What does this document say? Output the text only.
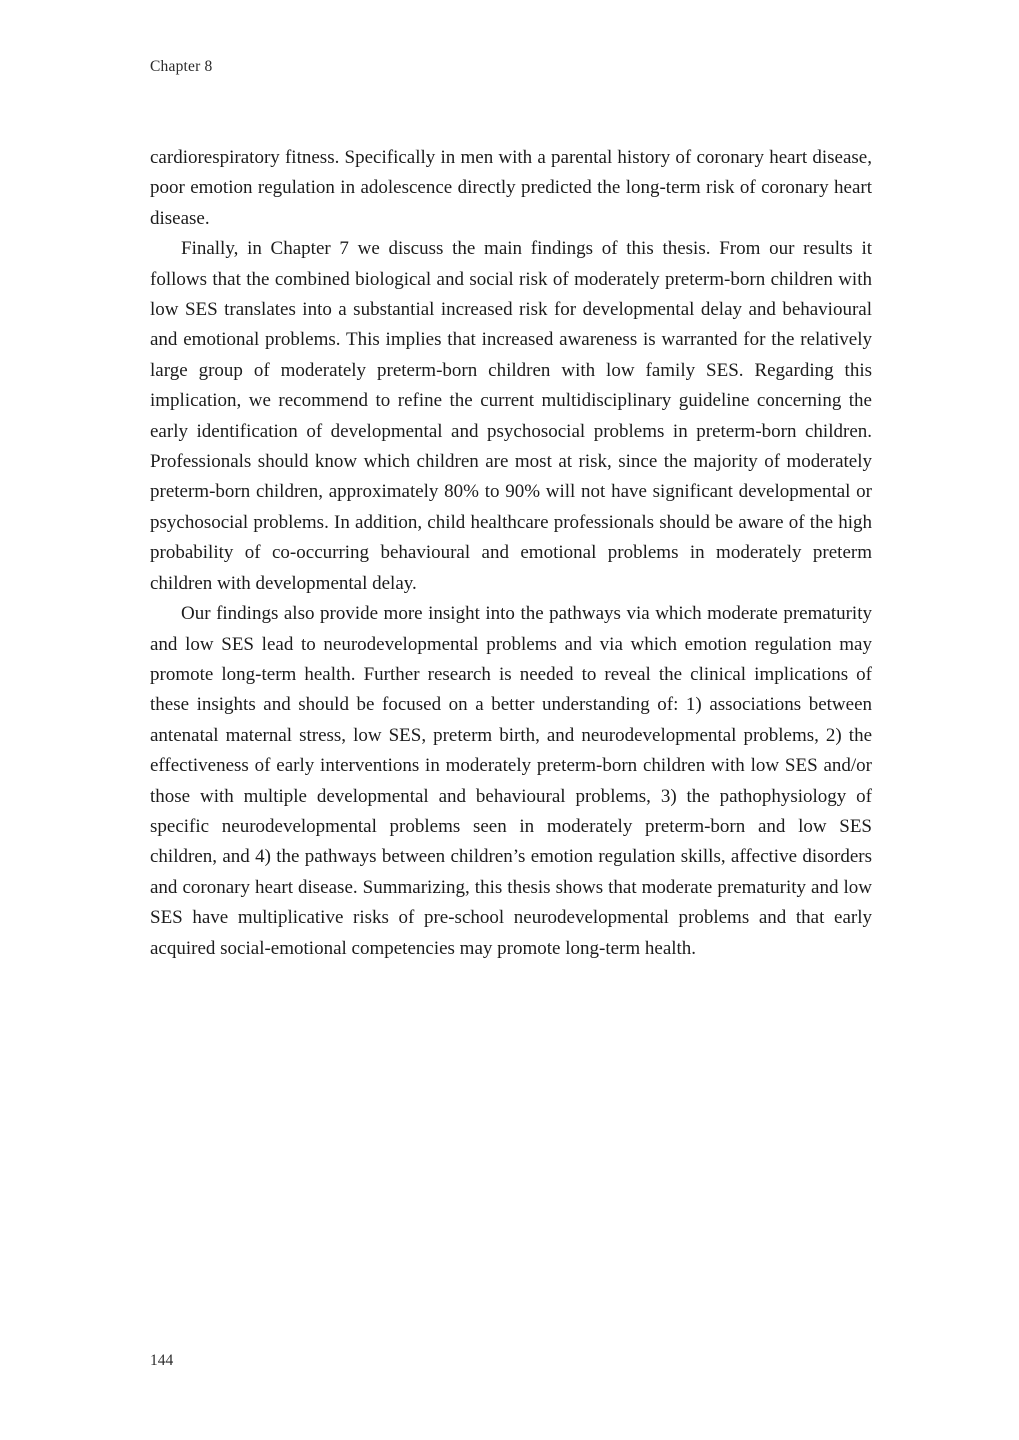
Chapter 8

cardiorespiratory fitness. Specifically in men with a parental history of coronary heart disease, poor emotion regulation in adolescence directly predicted the long-term risk of coronary heart disease.

Finally, in Chapter 7 we discuss the main findings of this thesis. From our results it follows that the combined biological and social risk of moderately preterm-born children with low SES translates into a substantial increased risk for developmental delay and behavioural and emotional problems. This implies that increased awareness is warranted for the relatively large group of moderately preterm-born children with low family SES. Regarding this implication, we recommend to refine the current multidisciplinary guideline concerning the early identification of developmental and psychosocial problems in preterm-born children. Professionals should know which children are most at risk, since the majority of moderately preterm-born children, approximately 80% to 90% will not have significant developmental or psychosocial problems. In addition, child healthcare professionals should be aware of the high probability of co-occurring behavioural and emotional problems in moderately preterm children with developmental delay.

Our findings also provide more insight into the pathways via which moderate prematurity and low SES lead to neurodevelopmental problems and via which emotion regulation may promote long-term health. Further research is needed to reveal the clinical implications of these insights and should be focused on a better understanding of: 1) associations between antenatal maternal stress, low SES, preterm birth, and neurodevelopmental problems, 2) the effectiveness of early interventions in moderately preterm-born children with low SES and/or those with multiple developmental and behavioural problems, 3) the pathophysiology of specific neurodevelopmental problems seen in moderately preterm-born and low SES children, and 4) the pathways between children’s emotion regulation skills, affective disorders and coronary heart disease. Summarizing, this thesis shows that moderate prematurity and low SES have multiplicative risks of pre-school neurodevelopmental problems and that early acquired social-emotional competencies may promote long-term health.

144
